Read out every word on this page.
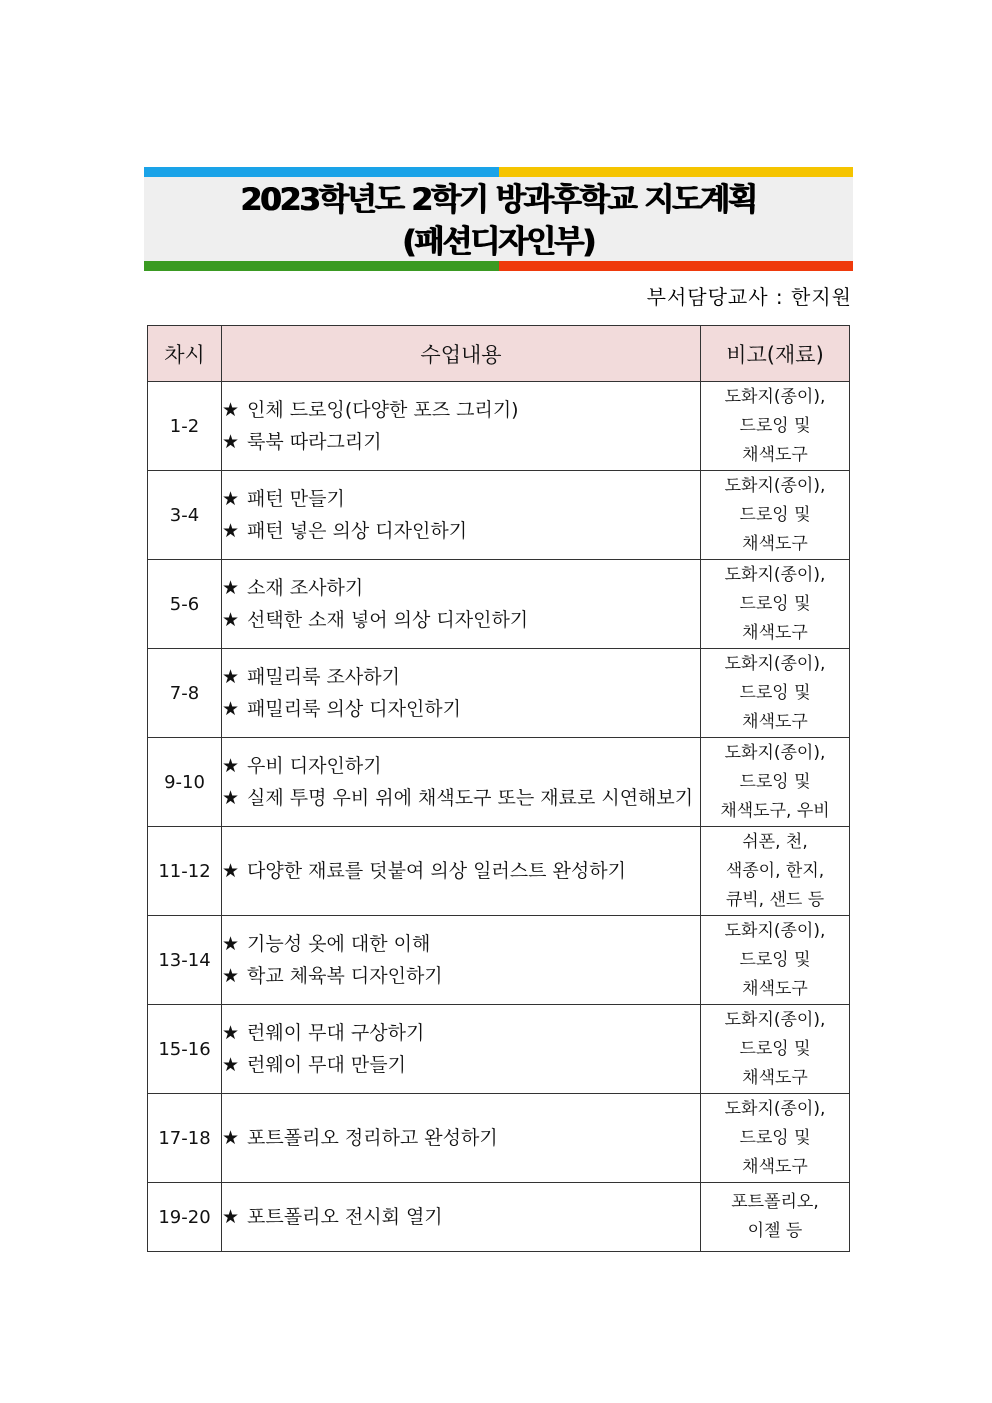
2023학년도 2학기 방과후학교 지도계획
(패션디자인부)
부서담당교사 : 한지원
차시	수업내용	비고(재료)
1-2	★ 인체 드로잉(다양한 포즈 그리기)
★ 룩북 따라그리기	도화지(종이),
드로잉 및
채색도구

3-4	★ 패턴 만들기
★ 패턴 넣은 의상 디자인하기	도화지(종이),
드로잉 및
채색도구

5-6	★ 소재 조사하기
★ 선택한 소재 넣어 의상 디자인하기	도화지(종이),
드로잉 및
채색도구

7-8	★ 패밀리룩 조사하기
★ 패밀리룩 의상 디자인하기	도화지(종이),
드로잉 및
채색도구

9-10	★ 우비 디자인하기
★ 실제 투명 우비 위에 채색도구 또는 재료로 시연해보기	도화지(종이),
드로잉 및
채색도구, 우비

11-12	★ 다양한 재료를 덧붙여 의상 일러스트 완성하기	쉬폰, 천,
색종이, 한지,
큐빅, 샌드 등

13-14	★ 기능성 옷에 대한 이해
★ 학교 체육복 디자인하기	도화지(종이),
드로잉 및
채색도구

15-16	★ 런웨이 무대 구상하기
★ 런웨이 무대 만들기	도화지(종이),
드로잉 및
채색도구

17-18	★ 포트폴리오 정리하고 완성하기	도화지(종이),
드로잉 및
채색도구

19-20	★ 포트폴리오 전시회 열기	포트폴리오,
이젤 등
